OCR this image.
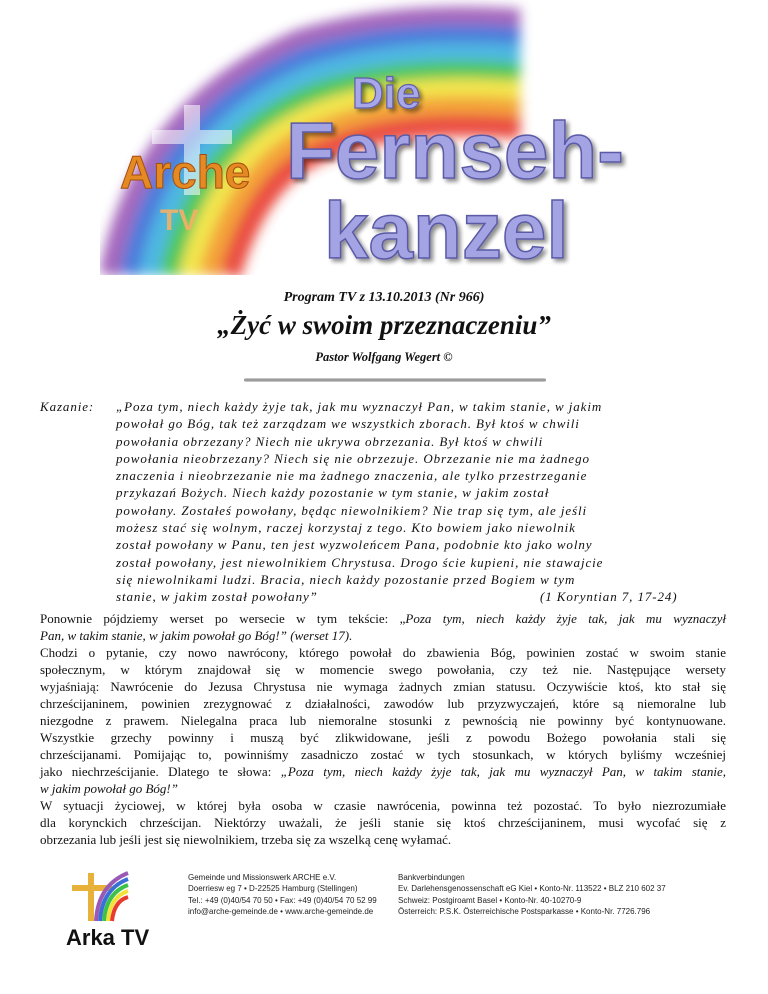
Arche
TV
Die
Fernseh-
kanzel
Program TV z 13.10.2013 (Nr 966)
„Żyć w swoim przeznaczeniu”
Pastor Wolfgang Wegert ©
Kazanie:	„Poza tym, niech każdy żyje tak, jak mu wyznaczył Pan, w takim stanie, w jakim
powołał go Bóg, tak też zarządzam we wszystkich zborach. Był ktoś w chwili
powołania obrzezany? Niech nie ukrywa obrzezania. Był ktoś w chwili
powołania nieobrzezany? Niech się nie obrzezuje. Obrzezanie nie ma żadnego
znaczenia i nieobrzezanie nie ma żadnego znaczenia, ale tylko przestrzeganie
przykazań Bożych. Niech każdy pozostanie w tym stanie, w jakim został
powołany. Zostałeś powołany, będąc niewolnikiem? Nie trap się tym, ale jeśli
możesz stać się wolnym, raczej korzystaj z tego. Kto bowiem jako niewolnik
został powołany w Panu, ten jest wyzwoleńcem Pana, podobnie kto jako wolny
został powołany, jest niewolnikiem Chrystusa. Drogo ście kupieni, nie stawajcie
się niewolnikami ludzi. Bracia, niech każdy pozostanie przed Bogiem w tym
stanie, w jakim został powołany”	(1 Koryntian 7, 17-24)

Ponownie pójdziemy werset po wersecie w tym tekście: „Poza tym, niech każdy żyje tak, jak mu wyznaczył
Pan, w takim stanie, w jakim powołał go Bóg!” (werset 17).

Chodzi o pytanie, czy nowo nawrócony, którego powołał do zbawienia Bóg, powinien zostać w swoim stanie
społecznym, w którym znajdował się w momencie swego powołania, czy też nie. Następujące wersety
wyjaśniają: Nawrócenie do Jezusa Chrystusa nie wymaga żadnych zmian statusu. Oczywiście ktoś, kto stał się
chrześcijaninem, powinien zrezygnować z działalności, zawodów lub przyzwyczajeń, które są niemoralne lub
niezgodne z prawem. Nielegalna praca lub niemoralne stosunki z pewnością nie powinny być kontynuowane.
Wszystkie grzechy powinny i muszą być zlikwidowane, jeśli z powodu Bożego powołania stali się
chrześcijanami. Pomijając to, powinniśmy zasadniczo zostać w tych stosunkach, w których byliśmy wcześniej
jako niechrześcijanie. Dlatego te słowa: „Poza tym, niech każdy żyje tak, jak mu wyznaczył Pan, w takim stanie,
w jakim powołał go Bóg!”

W sytuacji życiowej, w której była osoba w czasie nawrócenia, powinna też pozostać. To było niezrozumiałe
dla korynckich chrześcijan. Niektórzy uważali, że jeśli stanie się ktoś chrześcijaninem, musi wycofać się z
obrzezania lub jeśli jest się niewolnikiem, trzeba się za wszelką cenę wyłamać.

Arka TV
Gemeinde und Missionswerk ARCHE e.V.
Doerriesw eg 7 • D-22525 Hamburg (Stellingen)
Tel.: +49 (0)40/54 70 50 • Fax: +49 (0)40/54 70 52 99
info@arche-gemeinde.de • www.arche-gemeinde.de
Bankverbindungen
Ev. Darlehensgenossenschaft eG Kiel • Konto-Nr. 113522 • BLZ 210 602 37
Schweiz: Postgiroamt Basel • Konto-Nr. 40-10270-9
Österreich: P.S.K. Österreichische Postsparkasse • Konto-Nr. 7726.796
